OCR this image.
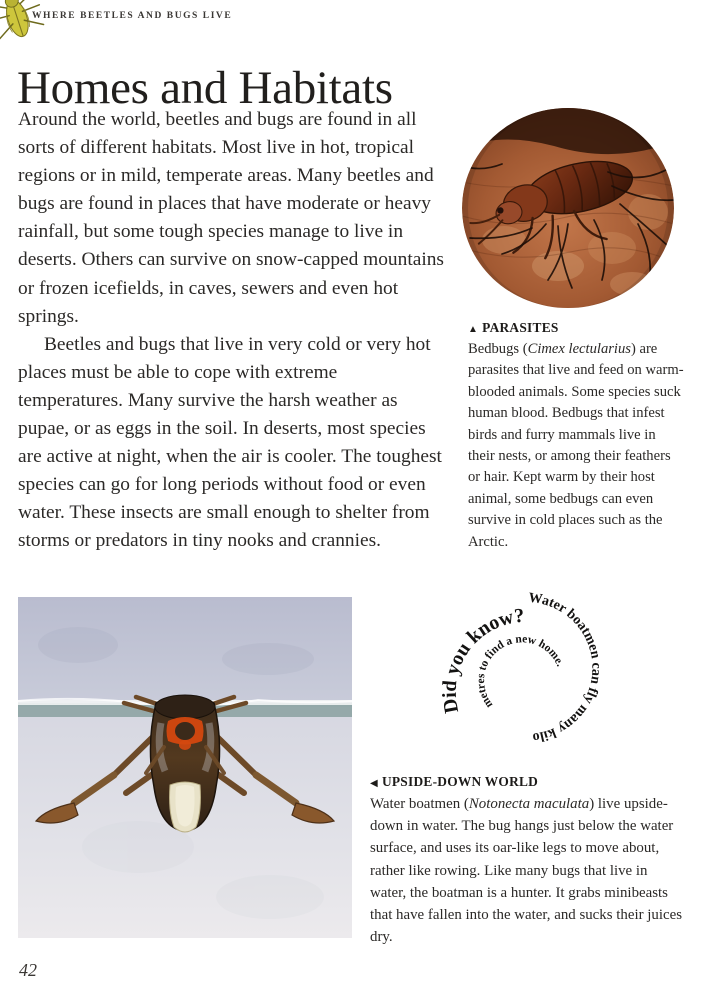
WHERE BEETLES AND BUGS LIVE
Homes and Habitats

Around the world, beetles and bugs are found in all sorts of different habitats. Most live in hot, tropical regions or in mild, temperate areas. Many beetles and bugs are found in places that have moderate or heavy rainfall, but some tough species manage to live in deserts. Others can survive on snow-capped mountains or frozen icefields, in caves, sewers and even hot springs.

Beetles and bugs that live in very cold or very hot places must be able to cope with extreme temperatures. Many survive the harsh weather as pupae, or as eggs in the soil. In deserts, most species are active at night, when the air is cooler. The toughest species can go for long periods without food or even water. These insects are small enough to shelter from storms or predators in tiny nooks and crannies.

▲ PARASITES

Bedbugs (Cimex lectularius) are parasites that live and feed on warm-blooded animals. Some species suck human blood. Bedbugs that infest birds and furry mammals live in their nests, or among their feathers or hair. Kept warm by their host animal, some bedbugs can even survive in cold places such as the Arctic.

Did you know?
Water boatmen can fly many kilo
metres to find a new home.
◀ UPSIDE-DOWN WORLD

Water boatmen (Notonecta maculata) live upside-down in water. The bug hangs just below the water surface, and uses its oar-like legs to move about, rather like rowing. Like many bugs that live in water, the boatman is a hunter. It grabs minibeasts that have fallen into the water, and sucks their juices dry.

42
